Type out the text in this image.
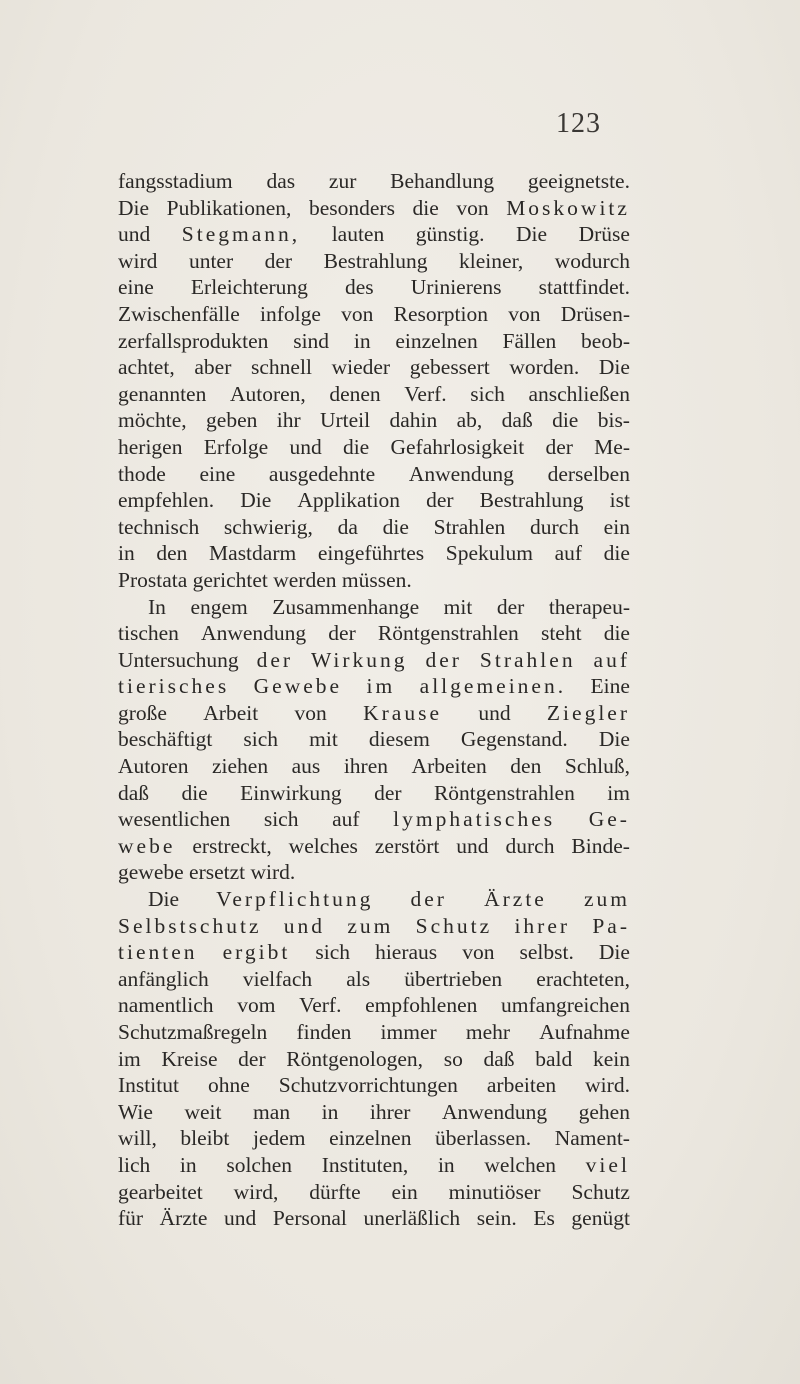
123
fangsstadium das zur Behandlung geeignetste.
Die Publikationen, besonders die von Moskowitz
und Stegmann, lauten günstig. Die Drüse
wird unter der Bestrahlung kleiner, wodurch
eine Erleichterung des Urinierens stattfindet.
Zwischenfälle infolge von Resorption von Drüsen-
zerfallsprodukten sind in einzelnen Fällen beob-
achtet, aber schnell wieder gebessert worden. Die
genannten Autoren, denen Verf. sich anschließen
möchte, geben ihr Urteil dahin ab, daß die bis-
herigen Erfolge und die Gefahrlosigkeit der Me-
thode eine ausgedehnte Anwendung derselben
empfehlen. Die Applikation der Bestrahlung ist
technisch schwierig, da die Strahlen durch ein
in den Mastdarm eingeführtes Spekulum auf die
Prostata gerichtet werden müssen.
In engem Zusammenhange mit der therapeu-
tischen Anwendung der Röntgenstrahlen steht die
Untersuchung der Wirkung der Strahlen auf
tierisches Gewebe im allgemeinen. Eine
große Arbeit von Krause und Ziegler
beschäftigt sich mit diesem Gegenstand. Die
Autoren ziehen aus ihren Arbeiten den Schluß,
daß die Einwirkung der Röntgenstrahlen im
wesentlichen sich auf lymphatisches Ge-
webe erstreckt, welches zerstört und durch Binde-
gewebe ersetzt wird.
Die Verpflichtung der Ärzte zum
Selbstschutz und zum Schutz ihrer Pa-
tienten ergibt sich hieraus von selbst. Die
anfänglich vielfach als übertrieben erachteten,
namentlich vom Verf. empfohlenen umfangreichen
Schutzmaßregeln finden immer mehr Aufnahme
im Kreise der Röntgenologen, so daß bald kein
Institut ohne Schutzvorrichtungen arbeiten wird.
Wie weit man in ihrer Anwendung gehen
will, bleibt jedem einzelnen überlassen. Nament-
lich in solchen Instituten, in welchen viel
gearbeitet wird, dürfte ein minutiöser Schutz
für Ärzte und Personal unerläßlich sein. Es genügt
